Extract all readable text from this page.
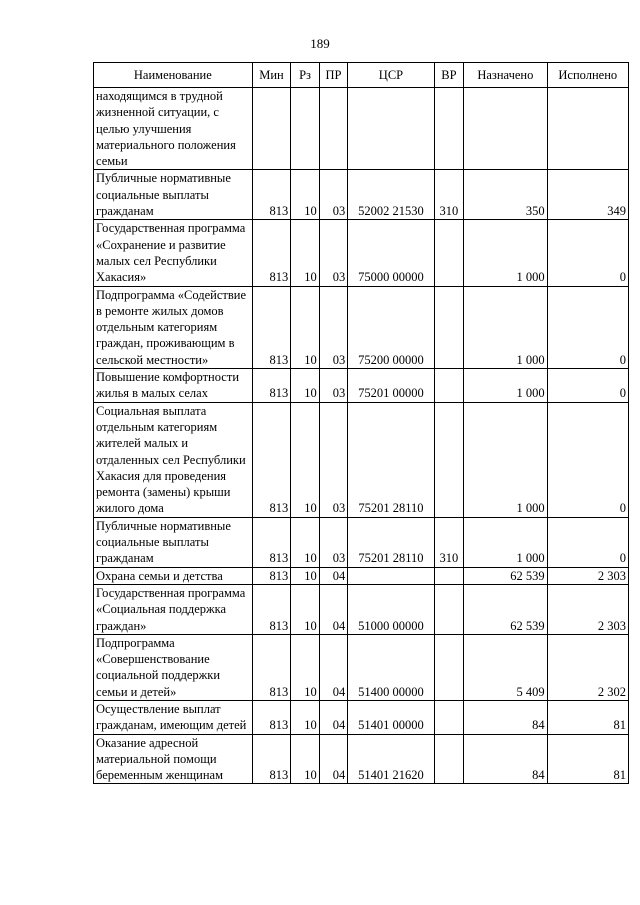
189
Наименование	Мин	Рз	ПР	ЦСР	ВР	Назначено	Исполнено
находящимся в трудной жизненной ситуации, с целью улучшения материального положения семьи							
Публичные нормативные социальные выплаты гражданам	813	10	03	52002 21530	310	350	349
Государственная программа «Сохранение и развитие малых сел Республики Хакасия»	813	10	03	75000 00000		1 000	0
Подпрограмма «Содействие в ремонте жилых домов отдельным категориям граждан, проживающим в сельской местности»	813	10	03	75200 00000		1 000	0
Повышение комфортности жилья в малых селах	813	10	03	75201 00000		1 000	0
Социальная выплата отдельным категориям жителей малых и отдаленных сел Республики Хакасия для проведения ремонта (замены) крыши жилого дома	813	10	03	75201 28110		1 000	0
Публичные нормативные социальные выплаты гражданам	813	10	03	75201 28110	310	1 000	0
Охрана семьи и детства	813	10	04			62 539	2 303
Государственная программа «Социальная поддержка граждан»	813	10	04	51000 00000		62 539	2 303
Подпрограмма «Совершенствование социальной поддержки семьи и детей»	813	10	04	51400 00000		5 409	2 302
Осуществление выплат гражданам, имеющим детей	813	10	04	51401 00000		84	81
Оказание адресной материальной помощи беременным женщинам	813	10	04	51401 21620		84	81
